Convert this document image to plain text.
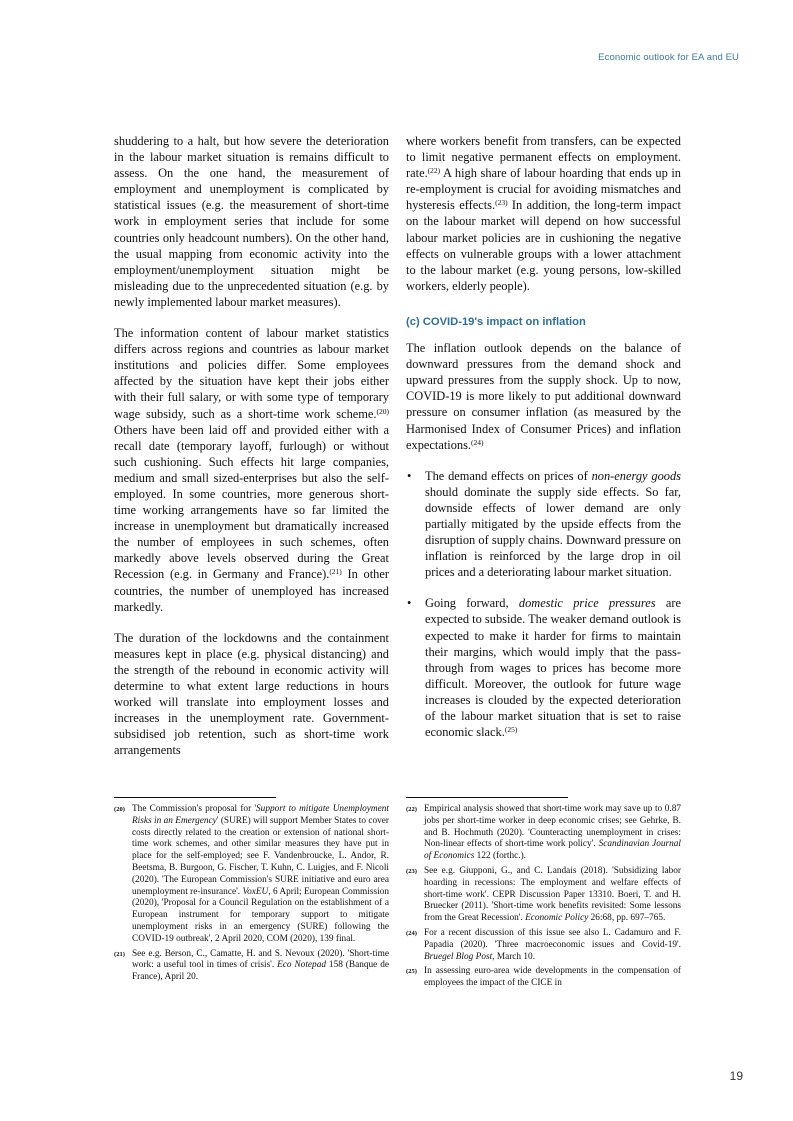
Economic outlook for EA and EU

shuddering to a halt, but how severe the deterioration in the labour market situation is remains difficult to assess. On the one hand, the measurement of employment and unemployment is complicated by statistical issues (e.g. the measurement of short-time work in employment series that include for some countries only headcount numbers). On the other hand, the usual mapping from economic activity into the employment/unemployment situation might be misleading due to the unprecedented situation (e.g. by newly implemented labour market measures).

The information content of labour market statistics differs across regions and countries as labour market institutions and policies differ. Some employees affected by the situation have kept their jobs either with their full salary, or with some type of temporary wage subsidy, such as a short-time work scheme.$^{(20)}$ Others have been laid off and provided either with a recall date (temporary layoff, furlough) or without such cushioning. Such effects hit large companies, medium and small sized-enterprises but also the self-employed. In some countries, more generous short-time working arrangements have so far limited the increase in unemployment but dramatically increased the number of employees in such schemes, often markedly above levels observed during the Great Recession (e.g. in Germany and France).$^{(21)}$ In other countries, the number of unemployed has increased markedly.

The duration of the lockdowns and the containment measures kept in place (e.g. physical distancing) and the strength of the rebound in economic activity will determine to what extent large reductions in hours worked will translate into employment losses and increases in the unemployment rate. Government-subsidised job retention, such as short-time work arrangements

where workers benefit from transfers, can be expected to limit negative permanent effects on employment. rate.$^{(22)}$ A high share of labour hoarding that ends up in re-employment is crucial for avoiding mismatches and hysteresis effects.$^{(23)}$ In addition, the long-term impact on the labour market will depend on how successful labour market policies are in cushioning the negative effects on vulnerable groups with a lower attachment to the labour market (e.g. young persons, low-skilled workers, elderly people).

(c) COVID-19's impact on inflation

The inflation outlook depends on the balance of downward pressures from the demand shock and upward pressures from the supply shock. Up to now, COVID-19 is more likely to put additional downward pressure on consumer inflation (as measured by the Harmonised Index of Consumer Prices) and inflation expectations.$^{(24)}$

• The demand effects on prices of non-energy goods should dominate the supply side effects. So far, downside effects of lower demand are only partially mitigated by the upside effects from the disruption of supply chains. Downward pressure on inflation is reinforced by the large drop in oil prices and a deteriorating labour market situation.
• Going forward, domestic price pressures are expected to subside. The weaker demand outlook is expected to make it harder for firms to maintain their margins, which would imply that the pass-through from wages to prices has become more difficult. Moreover, the outlook for future wage increases is clouded by the expected deterioration of the labour market situation that is set to raise economic slack.$^{(25)}$
(20) The Commission's proposal for 'Support to mitigate Unemployment Risks in an Emergency' (SURE) will support Member States to cover costs directly related to the creation or extension of national short-time work schemes, and other similar measures they have put in place for the self-employed; see F. Vandenbroucke, L. Andor, R. Beetsma, B. Burgoon, G. Fischer, T. Kuhn, C. Luigjes, and F. Nicoli (2020). 'The European Commission's SURE initiative and euro area unemployment re-insurance'. VoxEU, 6 April; European Commission (2020), 'Proposal for a Council Regulation on the establishment of a European instrument for temporary support to mitigate unemployment risks in an emergency (SURE) following the COVID-19 outbreak', 2 April 2020, COM (2020), 139 final.
(21) See e.g. Berson, C., Camatte, H. and S. Nevoux (2020). 'Short-time work: a useful tool in times of crisis'. Eco Notepad 158 (Banque de France), April 20.
(22) Empirical analysis showed that short-time work may save up to 0.87 jobs per short-time worker in deep economic crises; see Gehrke, B. and B. Hochmuth (2020). 'Counteracting unemployment in crises: Non-linear effects of short-time work policy'. Scandinavian Journal of Economics 122 (forthc.).
(23) See e.g. Giupponi, G., and C. Landais (2018). 'Subsidizing labor hoarding in recessions: The employment and welfare effects of short-time work'. CEPR Discussion Paper 13310. Boeri, T. and H. Bruecker (2011). 'Short-time work benefits revisited: Some lessons from the Great Recession'. Economic Policy 26:68, pp. 697–765.
(24) For a recent discussion of this issue see also L. Cadamuro and F. Papadia (2020). 'Three macroeconomic issues and Covid-19'. Bruegel Blog Post, March 10.
(25) In assessing euro-area wide developments in the compensation of employees the impact of the CICE in
19
